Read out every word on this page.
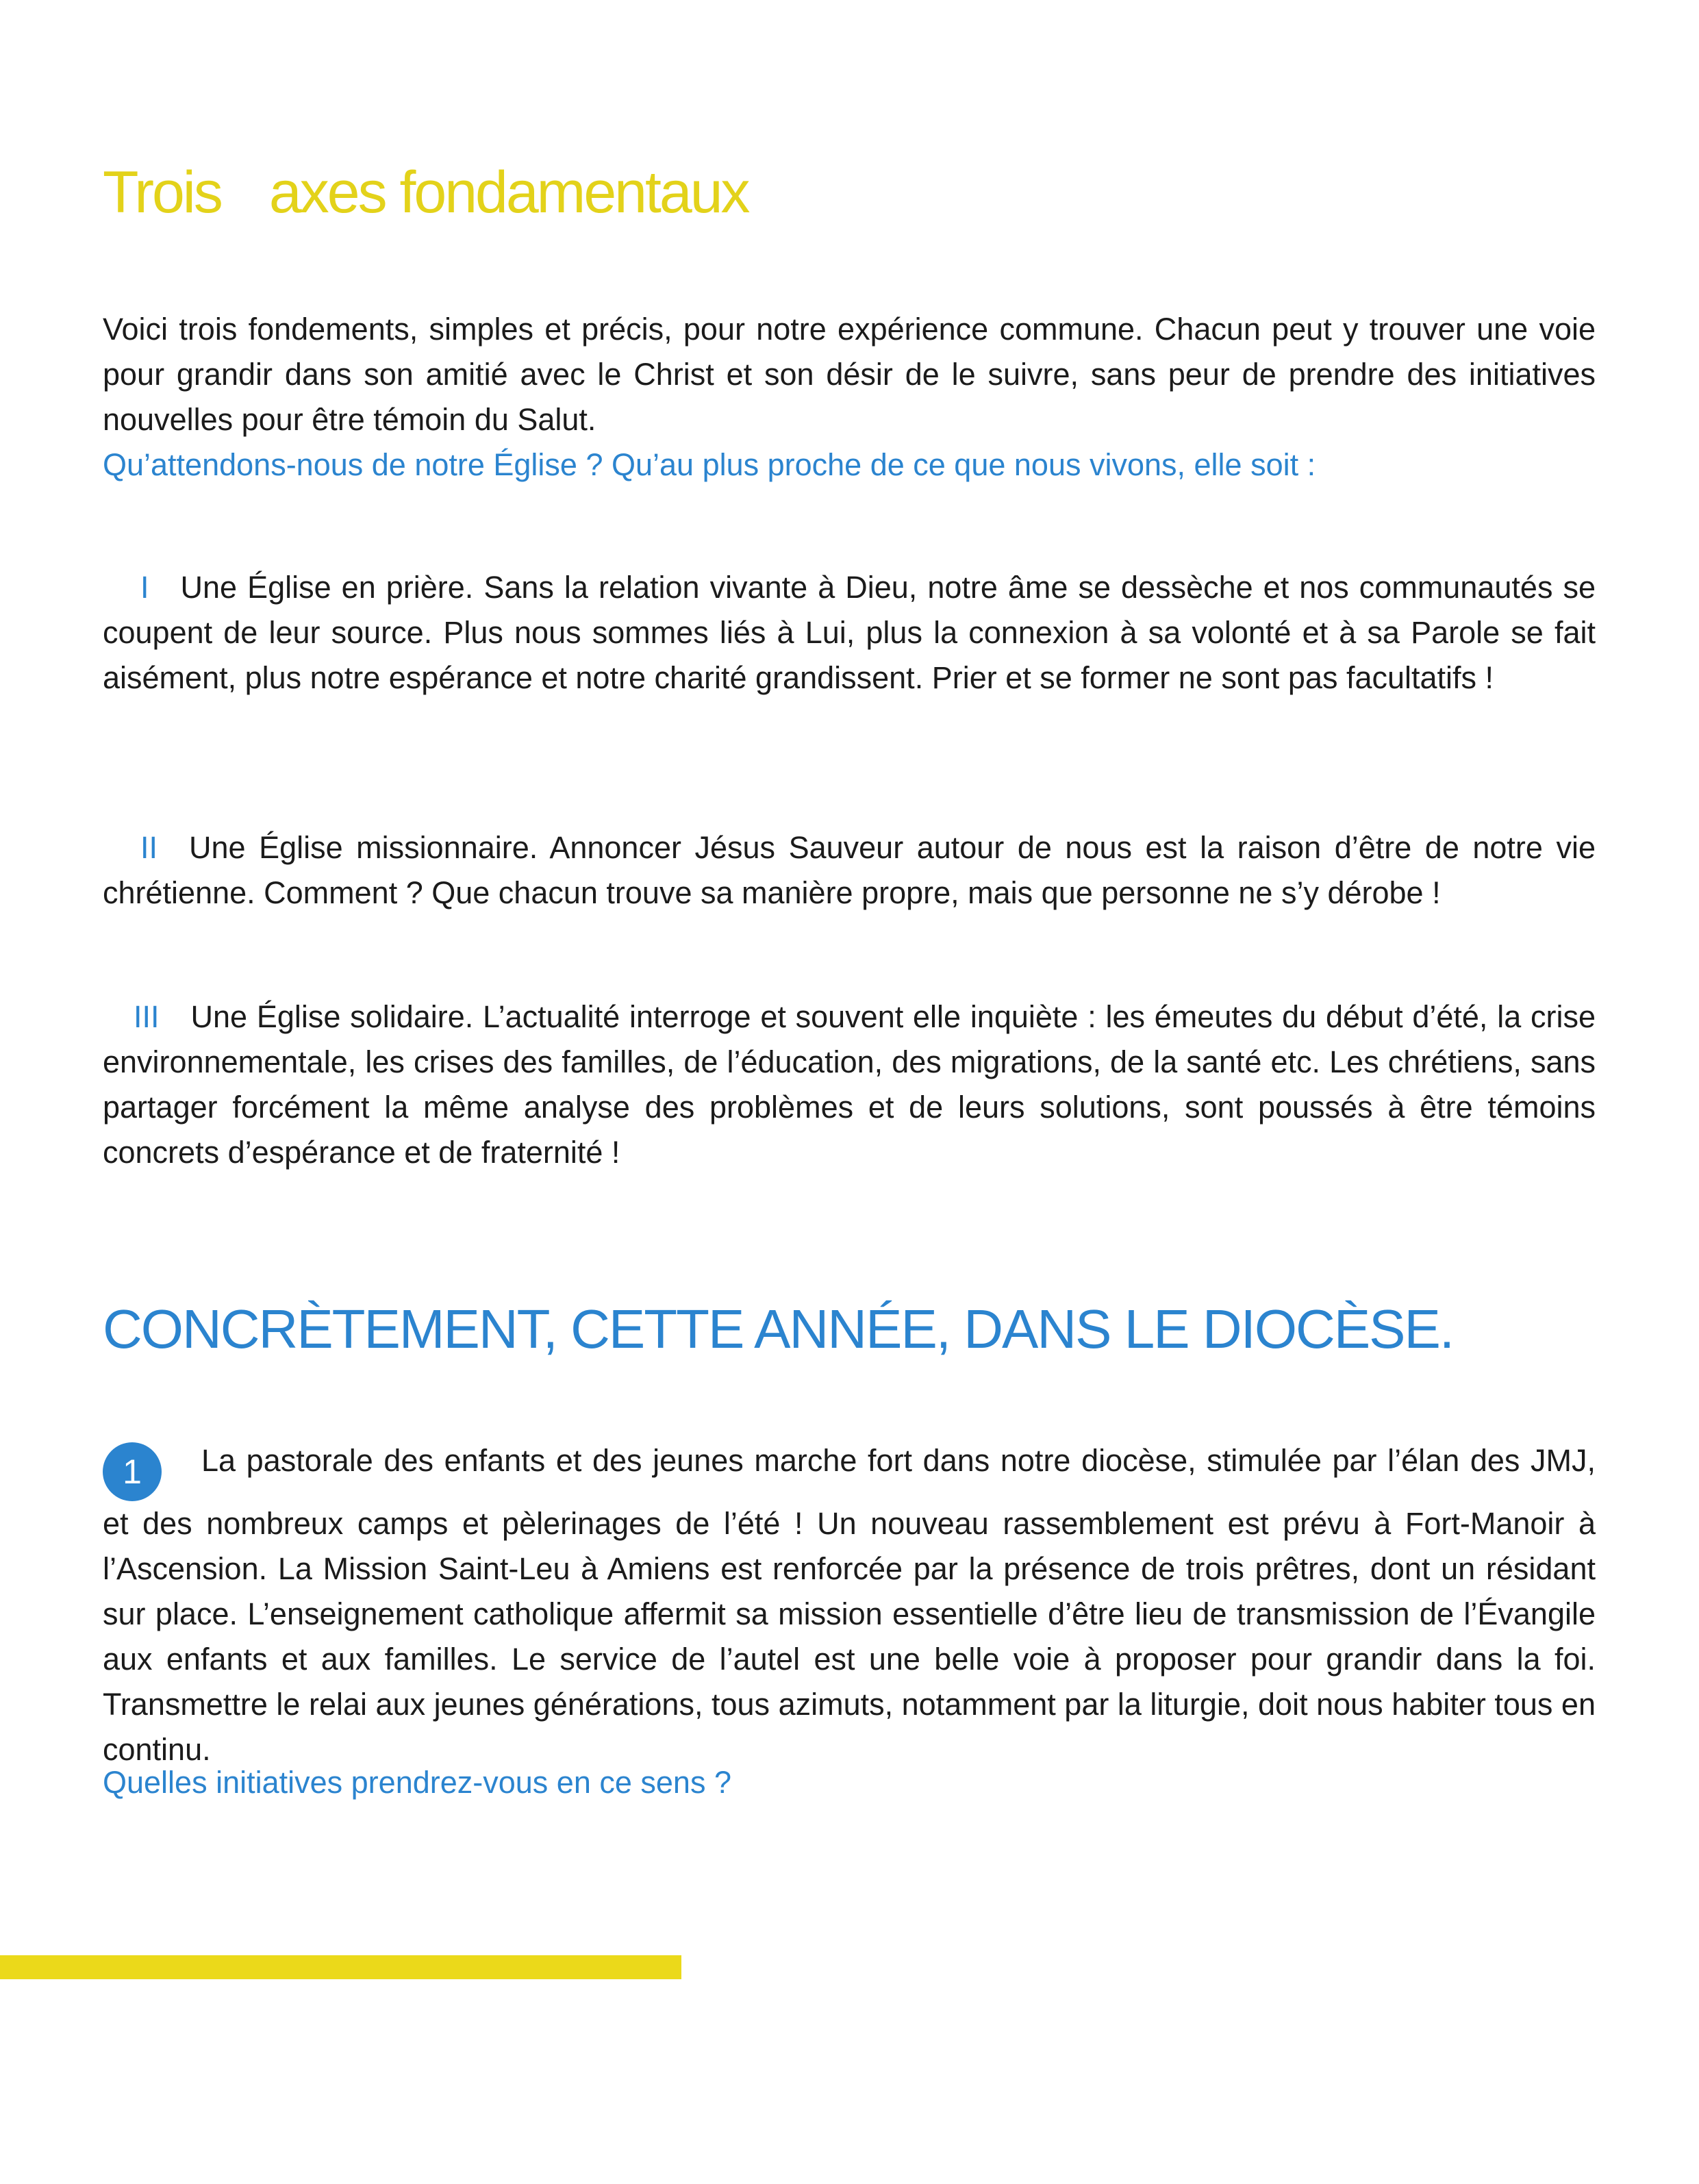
Trois axes fondamentaux

Voici trois fondements, simples et précis, pour notre expérience commune. Chacun peut y trouver une voie pour grandir dans son amitié avec le Christ et son désir de le suivre, sans peur de prendre des initiatives nouvelles pour être témoin du Salut.

Qu’attendons-nous de notre Église ? Qu’au plus proche de ce que nous vivons, elle soit :

I Une Église en prière. Sans la relation vivante à Dieu, notre âme se dessèche et nos communautés se coupent de leur source. Plus nous sommes liés à Lui, plus la connexion à sa volonté et à sa Parole se fait aisément, plus notre espérance et notre charité grandissent. Prier et se former ne sont pas facultatifs !

II Une Église missionnaire. Annoncer Jésus Sauveur autour de nous est la raison d’être de notre vie chrétienne. Comment ? Que chacun trouve sa manière propre, mais que personne ne s’y dérobe !

III Une Église solidaire. L’actualité interroge et souvent elle inquiète : les émeutes du début d’été, la crise environnementale, les crises des familles, de l’éducation, des migrations, de la santé etc. Les chrétiens, sans partager forcément la même analyse des problèmes et de leurs solutions, sont poussés à être témoins concrets d’espérance et de fraternité !

CONCRÈTEMENT, CETTE ANNÉE, DANS LE DIOCÈSE.

1 La pastorale des enfants et des jeunes marche fort dans notre diocèse, stimulée par l’élan des JMJ, et des nombreux camps et pèlerinages de l’été ! Un nouveau rassemblement est prévu à Fort-Manoir à l’Ascension. La Mission Saint-Leu à Amiens est renforcée par la présence de trois prêtres, dont un résidant sur place. L’enseignement catholique affermit sa mission essentielle d’être lieu de transmission de l’Évangile aux enfants et aux familles. Le service de l’autel est une belle voie à proposer pour grandir dans la foi. Transmettre le relai aux jeunes générations, tous azimuts, notamment par la liturgie, doit nous habiter tous en continu.

Quelles initiatives prendrez-vous en ce sens ?
